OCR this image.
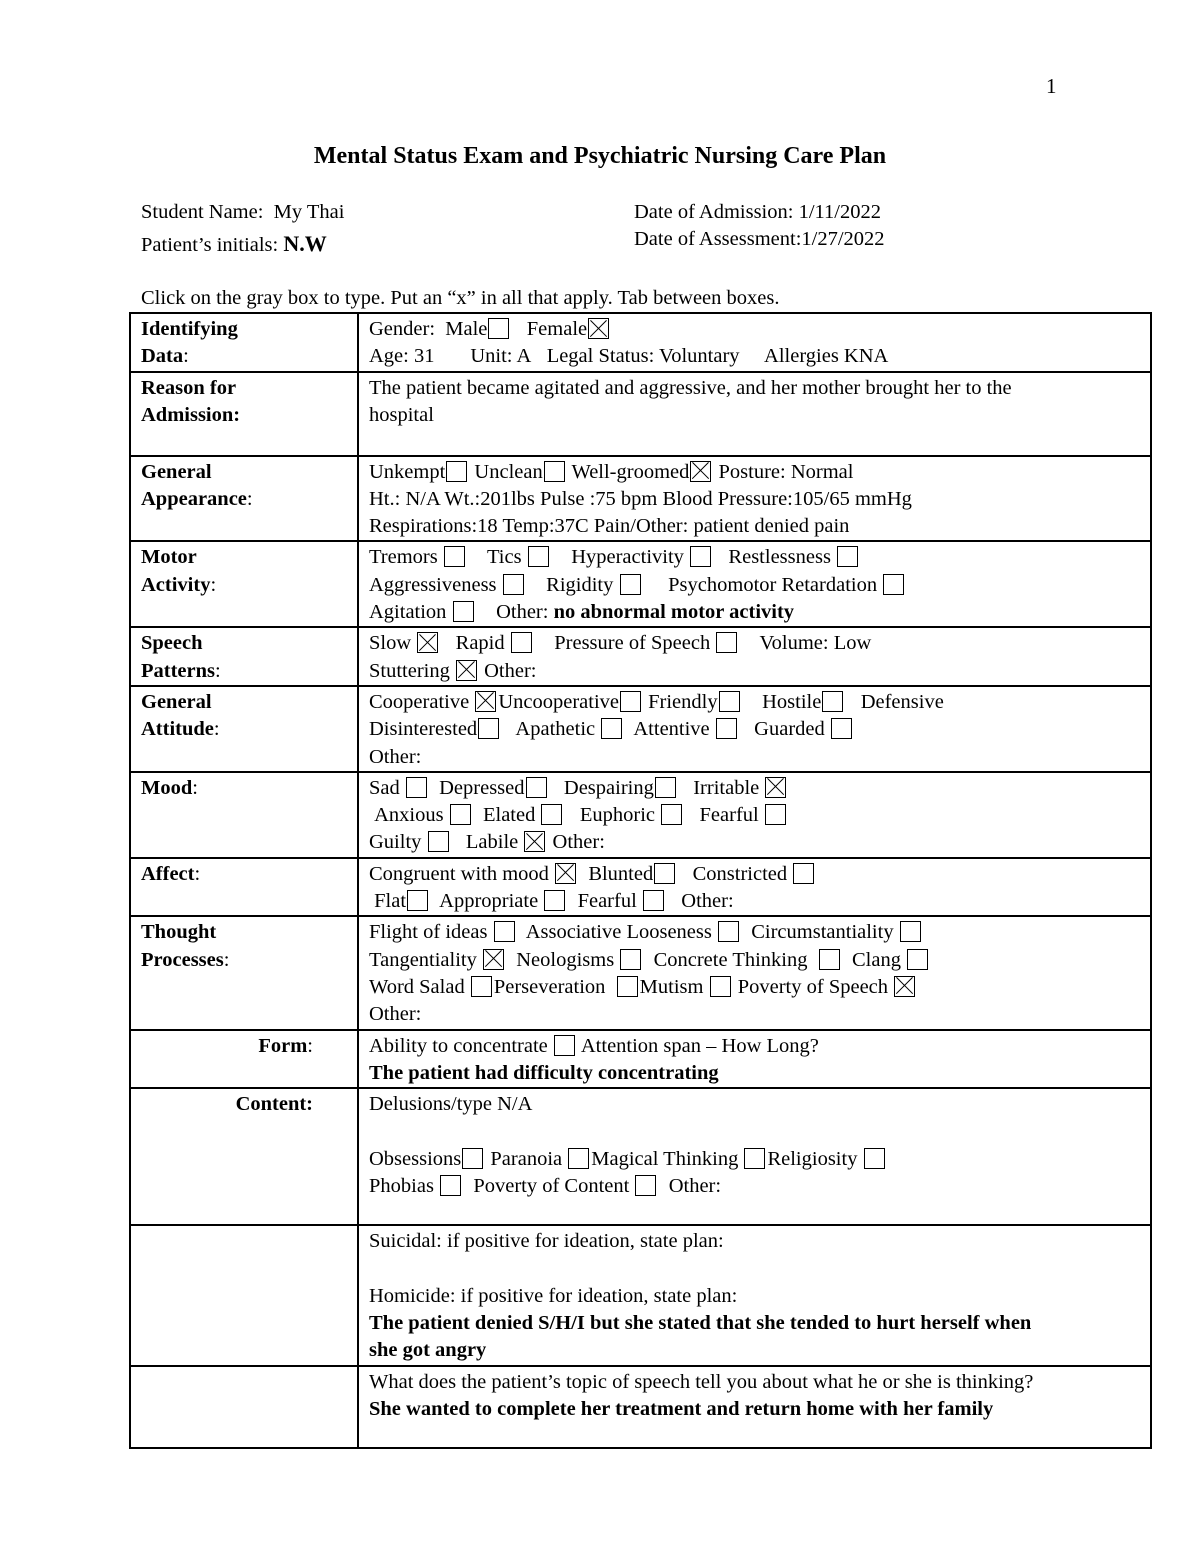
1
Mental Status Exam and Psychiatric Nursing Care Plan
Student Name: My Thai
Patient’s initials: N.W
Date of Admission: 1/11/2022
Date of Assessment:1/27/2022
Click on the gray box to type. Put an “x” in all that apply. Tab between boxes.
Identifying
Data:	Gender: Male Female
Age: 31 Unit: A Legal Status: Voluntary Allergies KNA

Reason for
Admission:	The patient became agitated and aggressive, and her mother brought her to the
hospital

General
Appearance:	Unkempt Unclean Well-groomed Posture: Normal
Ht.: N/A Wt.:201lbs Pulse :75 bpm Blood Pressure:105/65 mmHg
Respirations:18 Temp:37C Pain/Other: patient denied pain

Motor
Activity:	Tremors Tics Hyperactivity Restlessness
Aggressiveness Rigidity Psychomotor Retardation
Agitation Other: no abnormal motor activity

Speech
Patterns:	Slow Rapid Pressure of Speech Volume: Low
Stuttering Other:

General
Attitude:	Cooperative Uncooperative Friendly Hostile Defensive
Disinterested Apathetic Attentive Guarded
Other:

Mood:	Sad Depressed Despairing Irritable
Anxious Elated Euphoric Fearful
Guilty Labile Other:

Affect:	Congruent with mood Blunted Constricted
Flat Appropriate Fearful Other:

Thought
Processes:	Flight of ideas Associative Looseness Circumstantiality
Tangentiality Neologisms Concrete Thinking Clang
Word Salad Perseveration Mutism Poverty of Speech
Other:

Form:	Ability to concentrate Attention span – How Long?
The patient had difficulty concentrating

Content:	Delusions/type N/A
Obsessions Paranoia Magical Thinking Religiosity
Phobias Poverty of Content Other:

	Suicidal: if positive for ideation, state plan:
Homicide: if positive for ideation, state plan:
The patient denied S/H/I but she stated that she tended to hurt herself when
she got angry

	What does the patient’s topic of speech tell you about what he or she is thinking?
She wanted to complete her treatment and return home with her family
